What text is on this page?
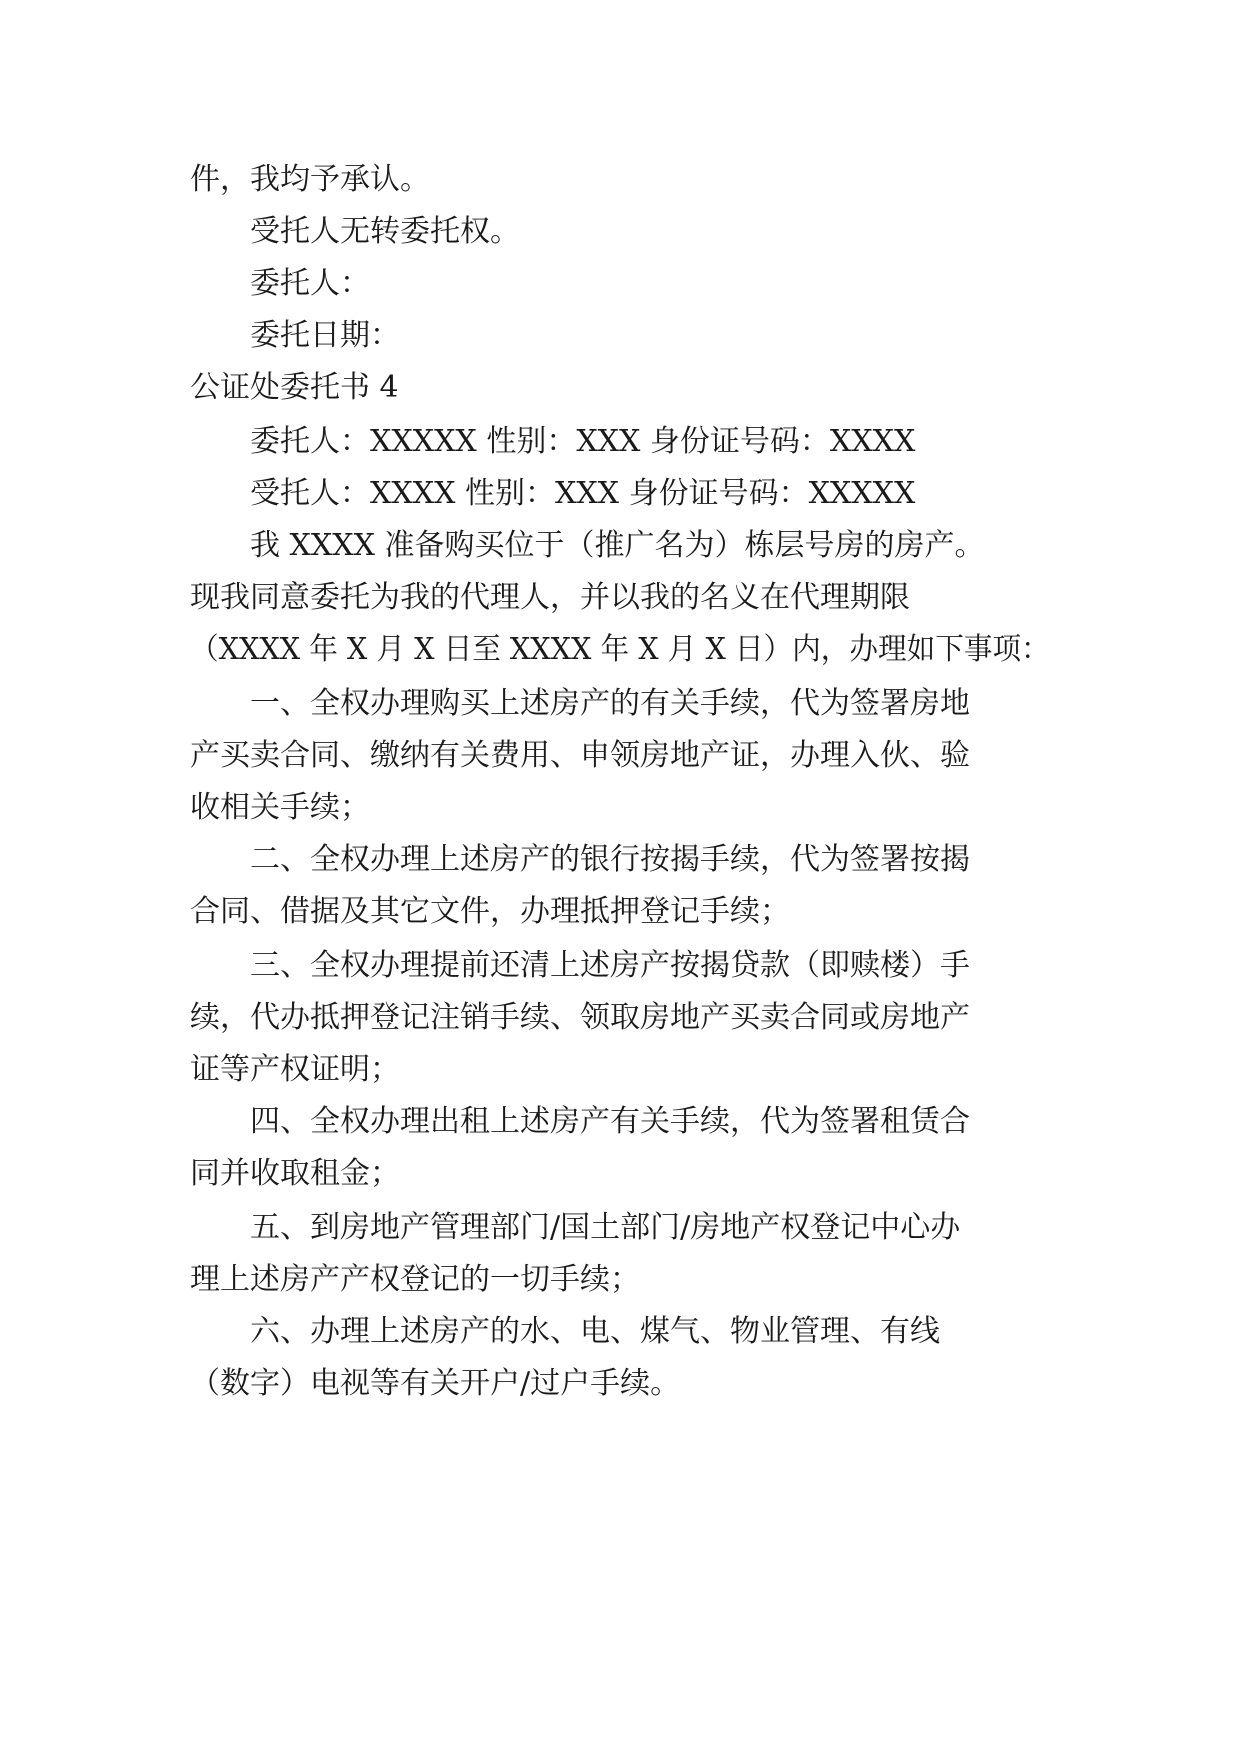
件，我均予承认。
受托人无转委托权。
委托人：
委托日期：
公证处委托书 4
委托人：XXXXX 性别：XXX 身份证号码：XXXX
受托人：XXXX 性别：XXX 身份证号码：XXXXX
我 XXXX 准备购买位于（推广名为）栋层号房的房产。
现我同意委托为我的代理人，并以我的名义在代理期限
（XXXX 年 X 月 X 日至 XXXX 年 X 月 X 日）内，办理如下事项：
一、全权办理购买上述房产的有关手续，代为签署房地
产买卖合同、缴纳有关费用、申领房地产证，办理入伙、验
收相关手续；
二、全权办理上述房产的银行按揭手续，代为签署按揭
合同、借据及其它文件，办理抵押登记手续；
三、全权办理提前还清上述房产按揭贷款（即赎楼）手
续，代办抵押登记注销手续、领取房地产买卖合同或房地产
证等产权证明；
四、全权办理出租上述房产有关手续，代为签署租赁合
同并收取租金；
五、到房地产管理部门/国土部门/房地产权登记中心办
理上述房产产权登记的一切手续；
六、办理上述房产的水、电、煤气、物业管理、有线
（数字）电视等有关开户/过户手续。
